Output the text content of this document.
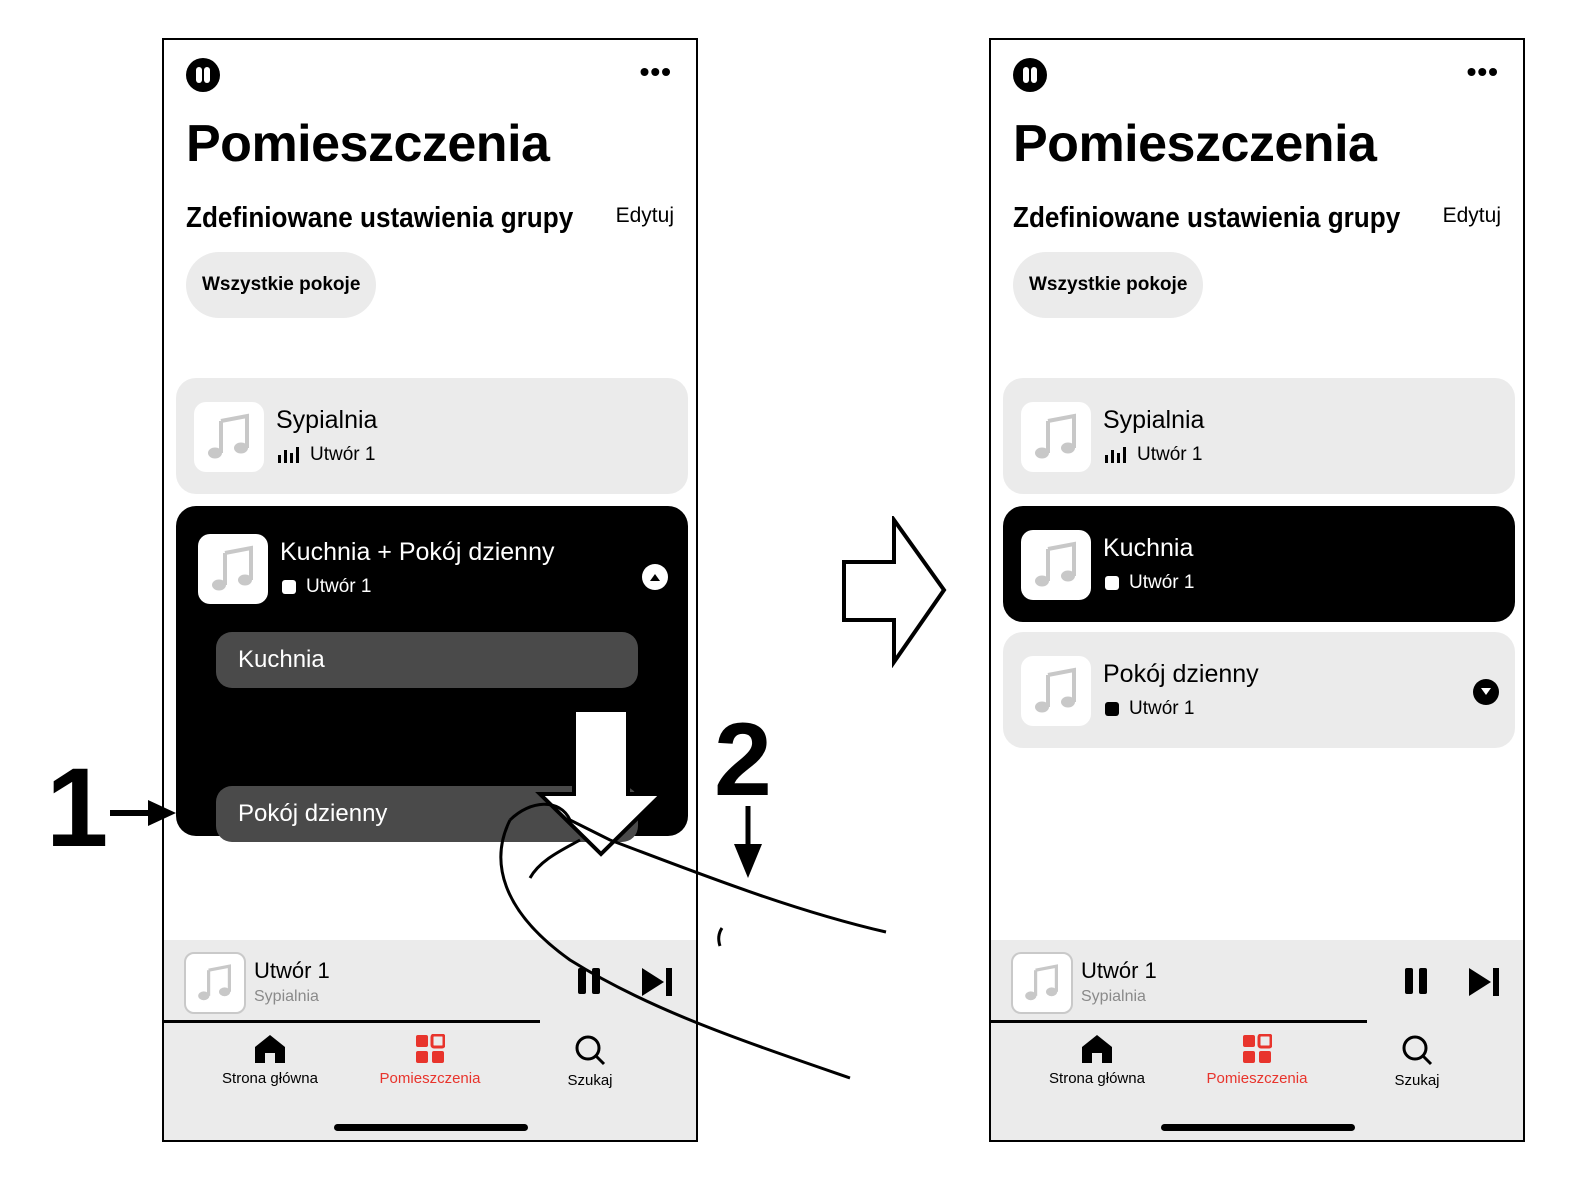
•••
Pomieszczenia
Zdefiniowane ustawienia grupy Edytuj
Wszystkie pokoje
Sypialnia
Utwór 1
Kuchnia + Pokój dzienny
Utwór 1
Kuchnia
Pokój dzienny
Utwór 1
Sypialnia
Strona główna	Pomieszczenia	Szukaj
1	2
•••
Pomieszczenia
Zdefiniowane ustawienia grupy Edytuj
Wszystkie pokoje
Sypialnia
Utwór 1
Kuchnia
Utwór 1
Pokój dzienny
Utwór 1
Utwór 1
Sypialnia
Strona główna	Pomieszczenia	Szukaj
